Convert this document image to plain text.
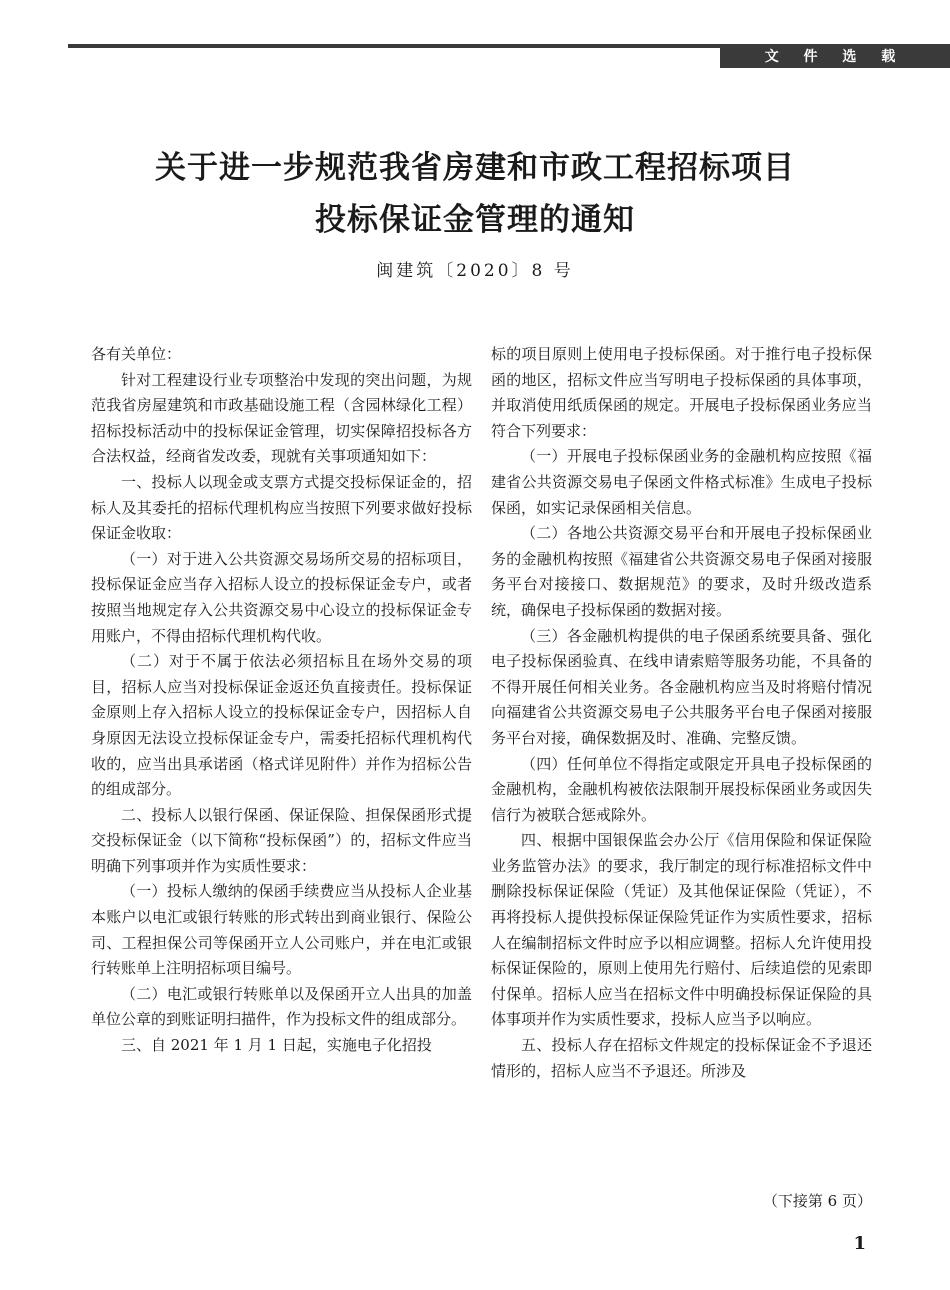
文 件 选 载
关于进一步规范我省房建和市政工程招标项目
投标保证金管理的通知
闽建筑〔2020〕8 号

各有关单位：

针对工程建设行业专项整治中发现的突出问题，为规范我省房屋建筑和市政基础设施工程（含园林绿化工程）招标投标活动中的投标保证金管理，切实保障招投标各方合法权益，经商省发改委，现就有关事项通知如下：

一、投标人以现金或支票方式提交投标保证金的，招标人及其委托的招标代理机构应当按照下列要求做好投标保证金收取：

（一）对于进入公共资源交易场所交易的招标项目，投标保证金应当存入招标人设立的投标保证金专户，或者按照当地规定存入公共资源交易中心设立的投标保证金专用账户，不得由招标代理机构代收。

（二）对于不属于依法必须招标且在场外交易的项目，招标人应当对投标保证金返还负直接责任。投标保证金原则上存入招标人设立的投标保证金专户，因招标人自身原因无法设立投标保证金专户，需委托招标代理机构代收的，应当出具承诺函（格式详见附件）并作为招标公告的组成部分。

二、投标人以银行保函、保证保险、担保保函形式提交投标保证金（以下简称“投标保函”）的，招标文件应当明确下列事项并作为实质性要求：

（一）投标人缴纳的保函手续费应当从投标人企业基本账户以电汇或银行转账的形式转出到商业银行、保险公司、工程担保公司等保函开立人公司账户，并在电汇或银行转账单上注明招标项目编号。

（二）电汇或银行转账单以及保函开立人出具的加盖单位公章的到账证明扫描件，作为投标文件的组成部分。

三、自 2021 年 1 月 1 日起，实施电子化招投

标的项目原则上使用电子投标保函。对于推行电子投标保函的地区，招标文件应当写明电子投标保函的具体事项，并取消使用纸质保函的规定。开展电子投标保函业务应当符合下列要求：

（一）开展电子投标保函业务的金融机构应按照《福建省公共资源交易电子保函文件格式标准》生成电子投标保函，如实记录保函相关信息。

（二）各地公共资源交易平台和开展电子投标保函业务的金融机构按照《福建省公共资源交易电子保函对接服务平台对接接口、数据规范》的要求，及时升级改造系统，确保电子投标保函的数据对接。

（三）各金融机构提供的电子保函系统要具备、强化电子投标保函验真、在线申请索赔等服务功能，不具备的不得开展任何相关业务。各金融机构应当及时将赔付情况向福建省公共资源交易电子公共服务平台电子保函对接服务平台对接，确保数据及时、准确、完整反馈。

（四）任何单位不得指定或限定开具电子投标保函的金融机构，金融机构被依法限制开展投标保函业务或因失信行为被联合惩戒除外。

四、根据中国银保监会办公厅《信用保险和保证保险业务监管办法》的要求，我厅制定的现行标准招标文件中删除投标保证保险（凭证）及其他保证保险（凭证），不再将投标人提供投标保证保险凭证作为实质性要求，招标人在编制招标文件时应予以相应调整。招标人允许使用投标保证保险的，原则上使用先行赔付、后续追偿的见索即付保单。招标人应当在招标文件中明确投标保证保险的具体事项并作为实质性要求，投标人应当予以响应。

五、投标人存在招标文件规定的投标保证金不予退还情形的，招标人应当不予退还。所涉及

（下接第 6 页）
1
